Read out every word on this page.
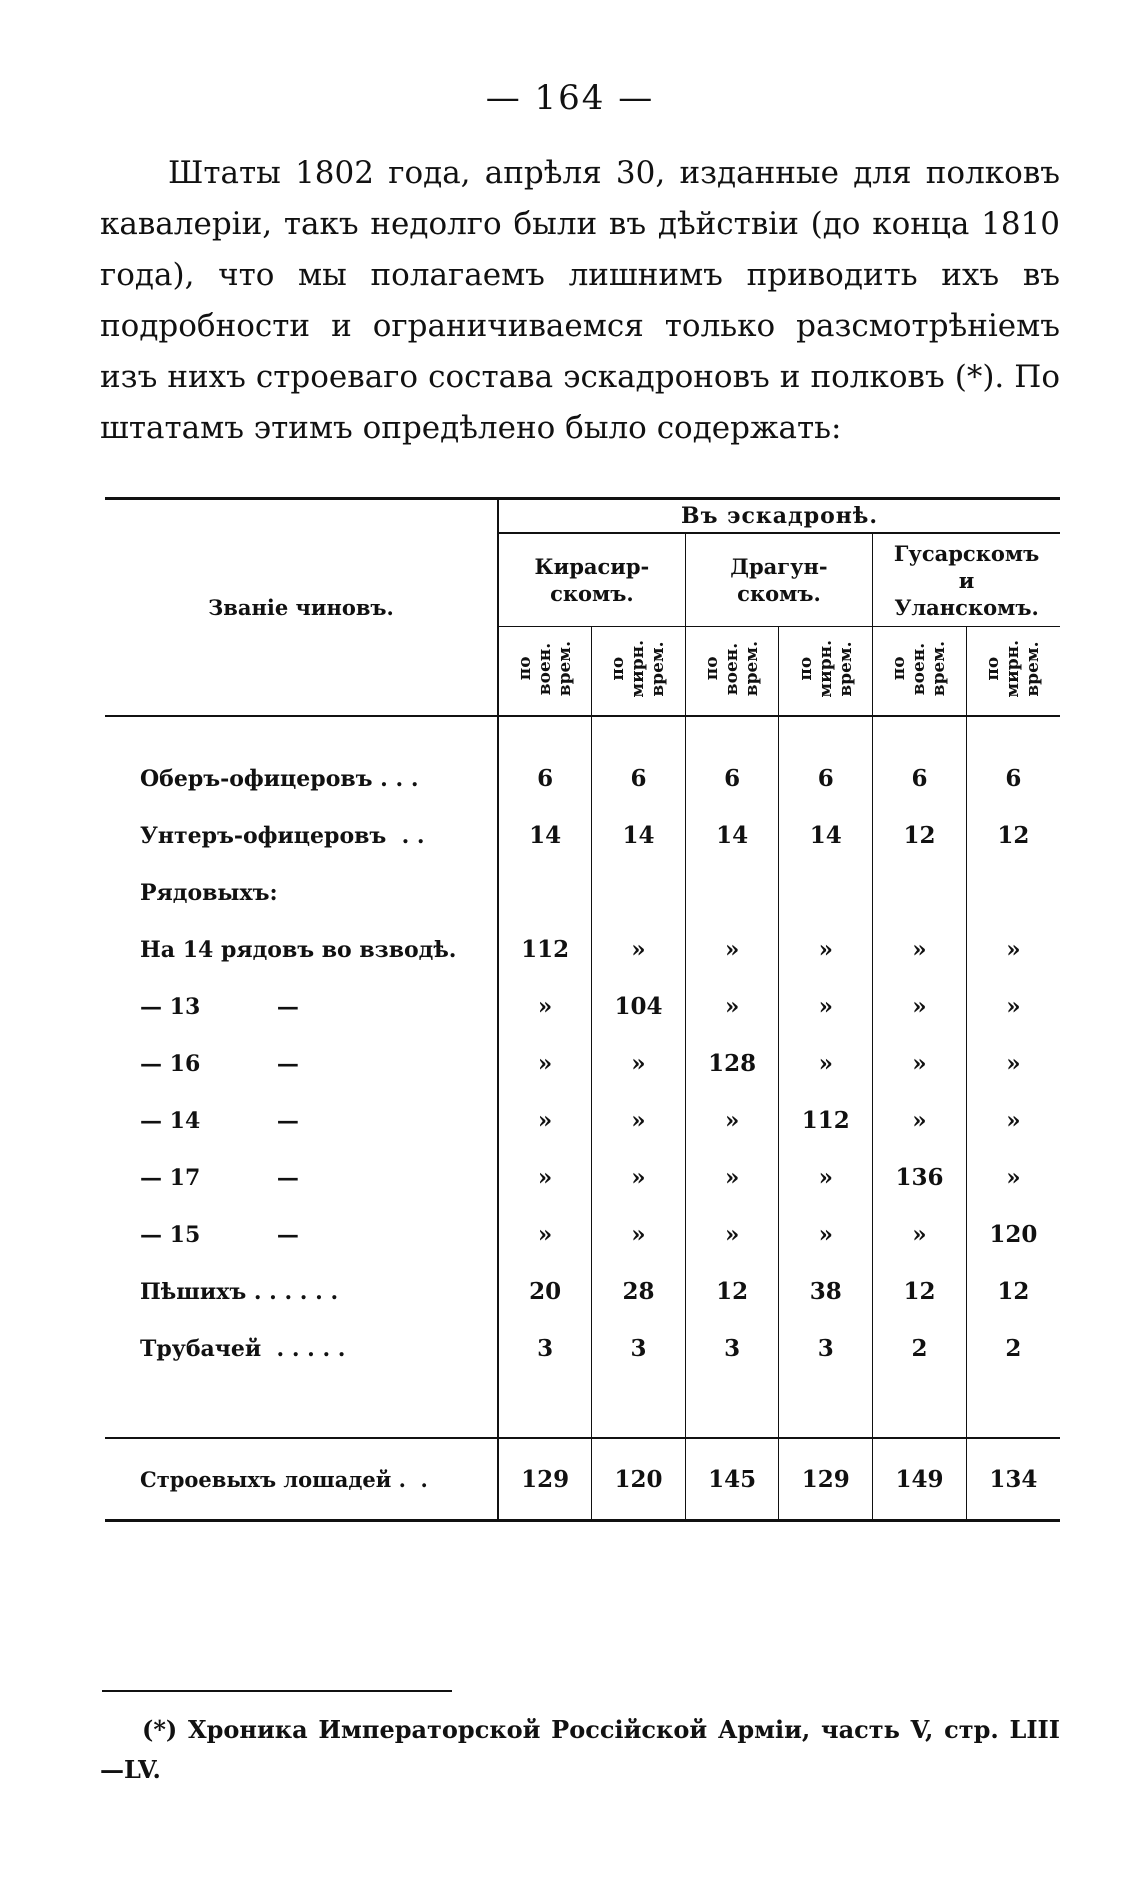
— 164 —
Штаты 1802 года, апрѣля 30, изданные для полковъ кавалеріи, такъ недолго были въ дѣйствіи (до конца 1810 года), что мы полагаемъ лишнимъ приводить ихъ въ подробности и ограничиваемся только разсмотрѣніемъ изъ нихъ строеваго состава эскадроновъ и полковъ (*). По штатамъ этимъ опредѣлено было содержать:
Званіе чиновъ.	Въ эскадронѣ.					
	Кирасир-
скомъ.		Драгун-
скомъ.		Гусарскомъ
и
Уланскомъ.	
	по
воен.
врем.	по
мирн.
врем.	по
воен.
врем.	по
мирн.
врем.	по
воен.
врем.	по
мирн.
врем.

Оберъ-офицеровъ . . .	6	6	6	6	6	6
Унтеръ-офицеровъ  . .	14	14	14	14	12	12
Рядовыхъ:						
На 14 рядовъ во взводѣ.	112	»	»	»	»	»
— 13          —	»	104	»	»	»	»
— 16          —	»	»	128	»	»	»
— 14          —	»	»	»	112	»	»
— 17          —	»	»	»	»	136	»
— 15          —	»	»	»	»	»	120
Пѣшихъ . . . . . .	20	28	12	38	12	12
Трубачей  . . . . .	3	3	3	3	2	2

Строевыхъ лошадей .  .	129	120	145	129	149	134
(*) Хроника Императорской Россійской Арміи, часть V, стр. LIII—LV.
